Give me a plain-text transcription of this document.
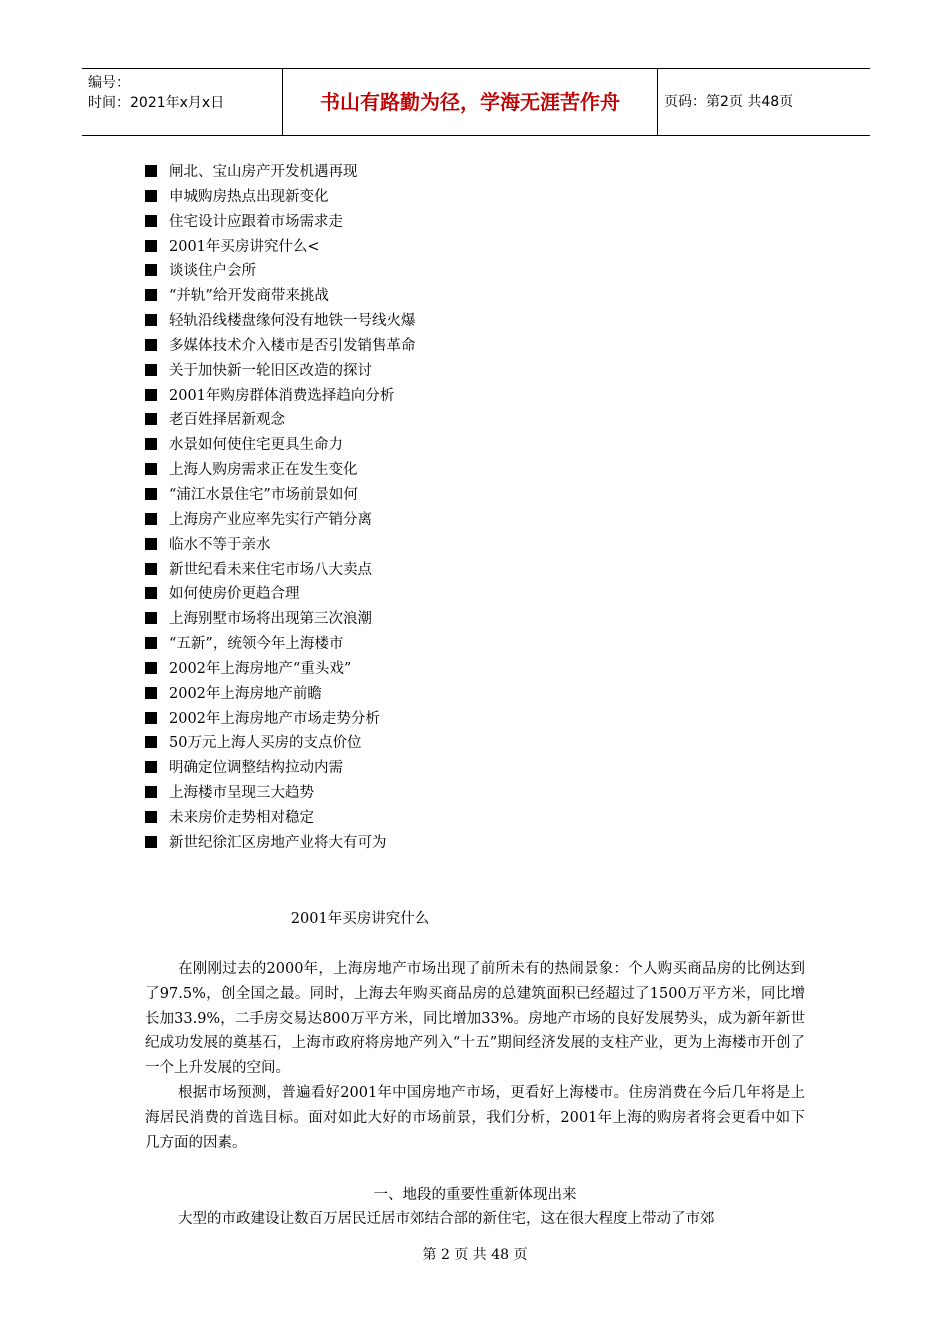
编号：
时间：2021年x月x日	书山有路勤为径，学海无涯苦作舟	页码：第2页 共48页
闸北、宝山房产开发机遇再现
申城购房热点出现新变化
住宅设计应跟着市场需求走
2001年买房讲究什么<
谈谈住户会所
“并轨”给开发商带来挑战
轻轨沿线楼盘缘何没有地铁一号线火爆
多媒体技术介入楼市是否引发销售革命
关于加快新一轮旧区改造的探讨
2001年购房群体消费选择趋向分析
老百姓择居新观念
水景如何使住宅更具生命力
上海人购房需求正在发生变化
“浦江水景住宅”市场前景如何
上海房产业应率先实行产销分离
临水不等于亲水
新世纪看未来住宅市场八大卖点
如何使房价更趋合理
上海别墅市场将出现第三次浪潮
“五新”，统领今年上海楼市
2002年上海房地产“重头戏”
2002年上海房地产前瞻
2002年上海房地产市场走势分析
50万元上海人买房的支点价位
明确定位调整结构拉动内需
上海楼市呈现三大趋势
未来房价走势相对稳定
新世纪徐汇区房地产业将大有可为
2001年买房讲究什么

在刚刚过去的2000年，上海房地产市场出现了前所未有的热闹景象：个人购买商品房的比例达到了97.5%，创全国之最。同时，上海去年购买商品房的总建筑面积已经超过了1500万平方米，同比增长加33.9%，二手房交易达800万平方米，同比增加33%。房地产市场的良好发展势头，成为新年新世纪成功发展的奠基石，上海市政府将房地产列入“十五”期间经济发展的支柱产业，更为上海楼市开创了一个上升发展的空间。

根据市场预测，普遍看好2001年中国房地产市场，更看好上海楼市。住房消费在今后几年将是上海居民消费的首选目标。面对如此大好的市场前景，我们分析，2001年上海的购房者将会更看中如下几方面的因素。

一、地段的重要性重新体现出来

大型的市政建设让数百万居民迁居市郊结合部的新住宅，这在很大程度上带动了市郊

第 2 页 共 48 页
